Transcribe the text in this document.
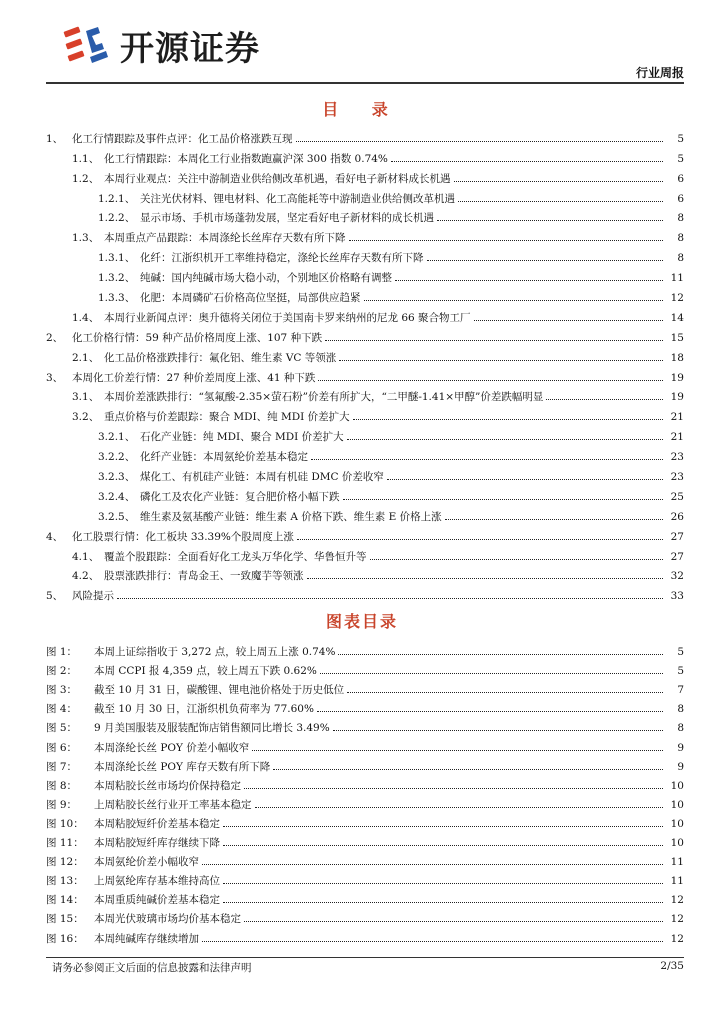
开源证券
行业周报
目 录
1、 化工行情跟踪及事件点评：化工品价格涨跌互现	5
1.1、 化工行情跟踪：本周化工行业指数跑赢沪深 300 指数 0.74%	5
1.2、 本周行业观点：关注中游制造业供给侧改革机遇，看好电子新材料成长机遇	6
1.2.1、 关注光伏材料、锂电材料、化工高能耗等中游制造业供给侧改革机遇	6
1.2.2、 显示市场、手机市场蓬勃发展，坚定看好电子新材料的成长机遇	8
1.3、 本周重点产品跟踪：本周涤纶长丝库存天数有所下降	8
1.3.1、 化纤：江浙织机开工率维持稳定，涤纶长丝库存天数有所下降	8
1.3.2、 纯碱：国内纯碱市场大稳小动，个别地区价格略有调整	11
1.3.3、 化肥：本周磷矿石价格高位坚挺，局部供应趋紧	12
1.4、 本周行业新闻点评：奥升德将关闭位于美国南卡罗来纳州的尼龙 66 聚合物工厂	14
2、 化工价格行情：59 种产品价格周度上涨、107 种下跌	15
2.1、 化工品价格涨跌排行：氟化铝、维生素 VC 等领涨	18
3、 本周化工价差行情：27 种价差周度上涨、41 种下跌	19
3.1、 本周价差涨跌排行：“氢氟酸-2.35×萤石粉”价差有所扩大，“二甲醚-1.41×甲醇”价差跌幅明显	19
3.2、 重点价格与价差跟踪：聚合 MDI、纯 MDI 价差扩大	21
3.2.1、 石化产业链：纯 MDI、聚合 MDI 价差扩大	21
3.2.2、 化纤产业链：本周氨纶价差基本稳定	23
3.2.3、 煤化工、有机硅产业链：本周有机硅 DMC 价差收窄	23
3.2.4、 磷化工及农化产业链：复合肥价格小幅下跌	25
3.2.5、 维生素及氨基酸产业链：维生素 A 价格下跌、维生素 E 价格上涨	26
4、 化工股票行情：化工板块 33.39%个股周度上涨	27
4.1、 覆盖个股跟踪：全面看好化工龙头万华化学、华鲁恒升等	27
4.2、 股票涨跌排行：青岛金王、一致魔芋等领涨	32
5、 风险提示	33
图表目录
图 1：	本周上证综指收于 3,272 点，较上周五上涨 0.74%	5
图 2：	本周 CCPI 报 4,359 点，较上周五下跌 0.62%	5
图 3：	截至 10 月 31 日，碳酸锂、锂电池价格处于历史低位	7
图 4：	截至 10 月 30 日，江浙织机负荷率为 77.60%	8
图 5：	9 月美国服装及服装配饰店销售额同比增长 3.49%	8
图 6：	本周涤纶长丝 POY 价差小幅收窄	9
图 7：	本周涤纶长丝 POY 库存天数有所下降	9
图 8：	本周粘胶长丝市场均价保持稳定	10
图 9：	上周粘胶长丝行业开工率基本稳定	10
图 10： 本周粘胶短纤价差基本稳定	10
图 11： 本周粘胶短纤库存继续下降	10
图 12： 本周氨纶价差小幅收窄	11
图 13： 上周氨纶库存基本维持高位	11
图 14： 本周重质纯碱价差基本稳定	12
图 15： 本周光伏玻璃市场均价基本稳定	12
图 16： 本周纯碱库存继续增加	12
请务必参阅正文后面的信息披露和法律声明	2/35
